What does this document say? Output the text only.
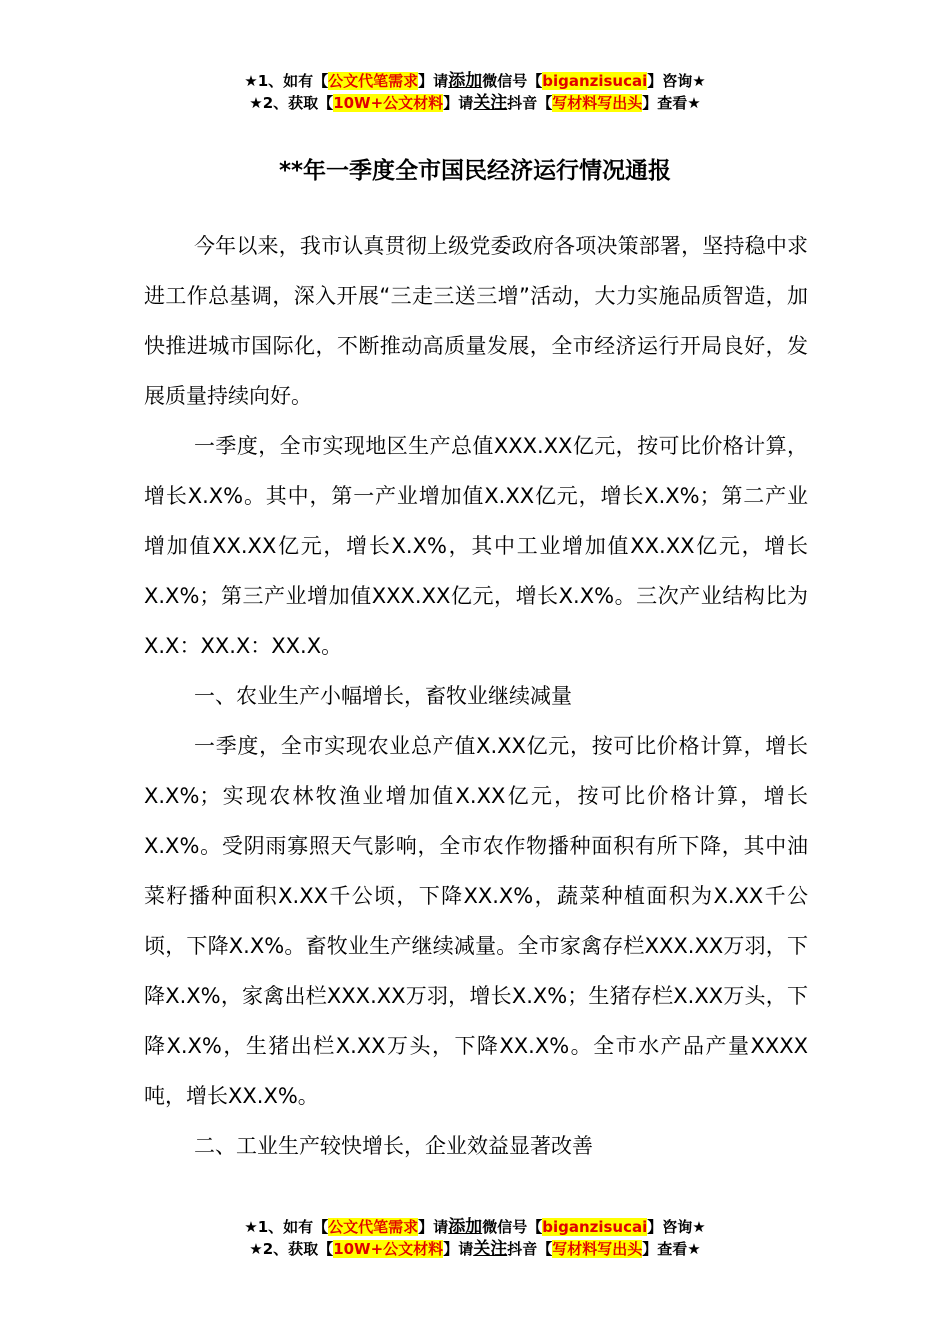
★1、如有【公文代笔需求】请添加微信号【biganzisucai】咨询★
★2、获取【10W+公文材料】请关注抖音【写材料写出头】查看★
**年一季度全市国民经济运行情况通报

今年以来，我市认真贯彻上级党委政府各项决策部署，坚持稳中求进工作总基调，深入开展“三走三送三增”活动，大力实施品质智造，加快推进城市国际化，不断推动高质量发展，全市经济运行开局良好，发展质量持续向好。

一季度，全市实现地区生产总值XXX.XX亿元，按可比价格计算，增长X.X%。其中，第一产业增加值X.XX亿元，增长X.X%；第二产业增加值XX.XX亿元，增长X.X%，其中工业增加值XX.XX亿元，增长X.X%；第三产业增加值XXX.XX亿元，增长X.X%。三次产业结构比为X.X：XX.X：XX.X。

一、农业生产小幅增长，畜牧业继续减量

一季度，全市实现农业总产值X.XX亿元，按可比价格计算，增长X.X%；实现农林牧渔业增加值X.XX亿元，按可比价格计算，增长X.X%。受阴雨寡照天气影响，全市农作物播种面积有所下降，其中油菜籽播种面积X.XX千公顷，下降XX.X%，蔬菜种植面积为X.XX千公顷，下降X.X%。畜牧业生产继续减量。全市家禽存栏XXX.XX万羽，下降X.X%，家禽出栏XXX.XX万羽，增长X.X%；生猪存栏X.XX万头，下降X.X%，生猪出栏X.XX万头，下降XX.X%。全市水产品产量XXXX吨，增长XX.X%。

二、工业生产较快增长，企业效益显著改善

★1、如有【公文代笔需求】请添加微信号【biganzisucai】咨询★
★2、获取【10W+公文材料】请关注抖音【写材料写出头】查看★
